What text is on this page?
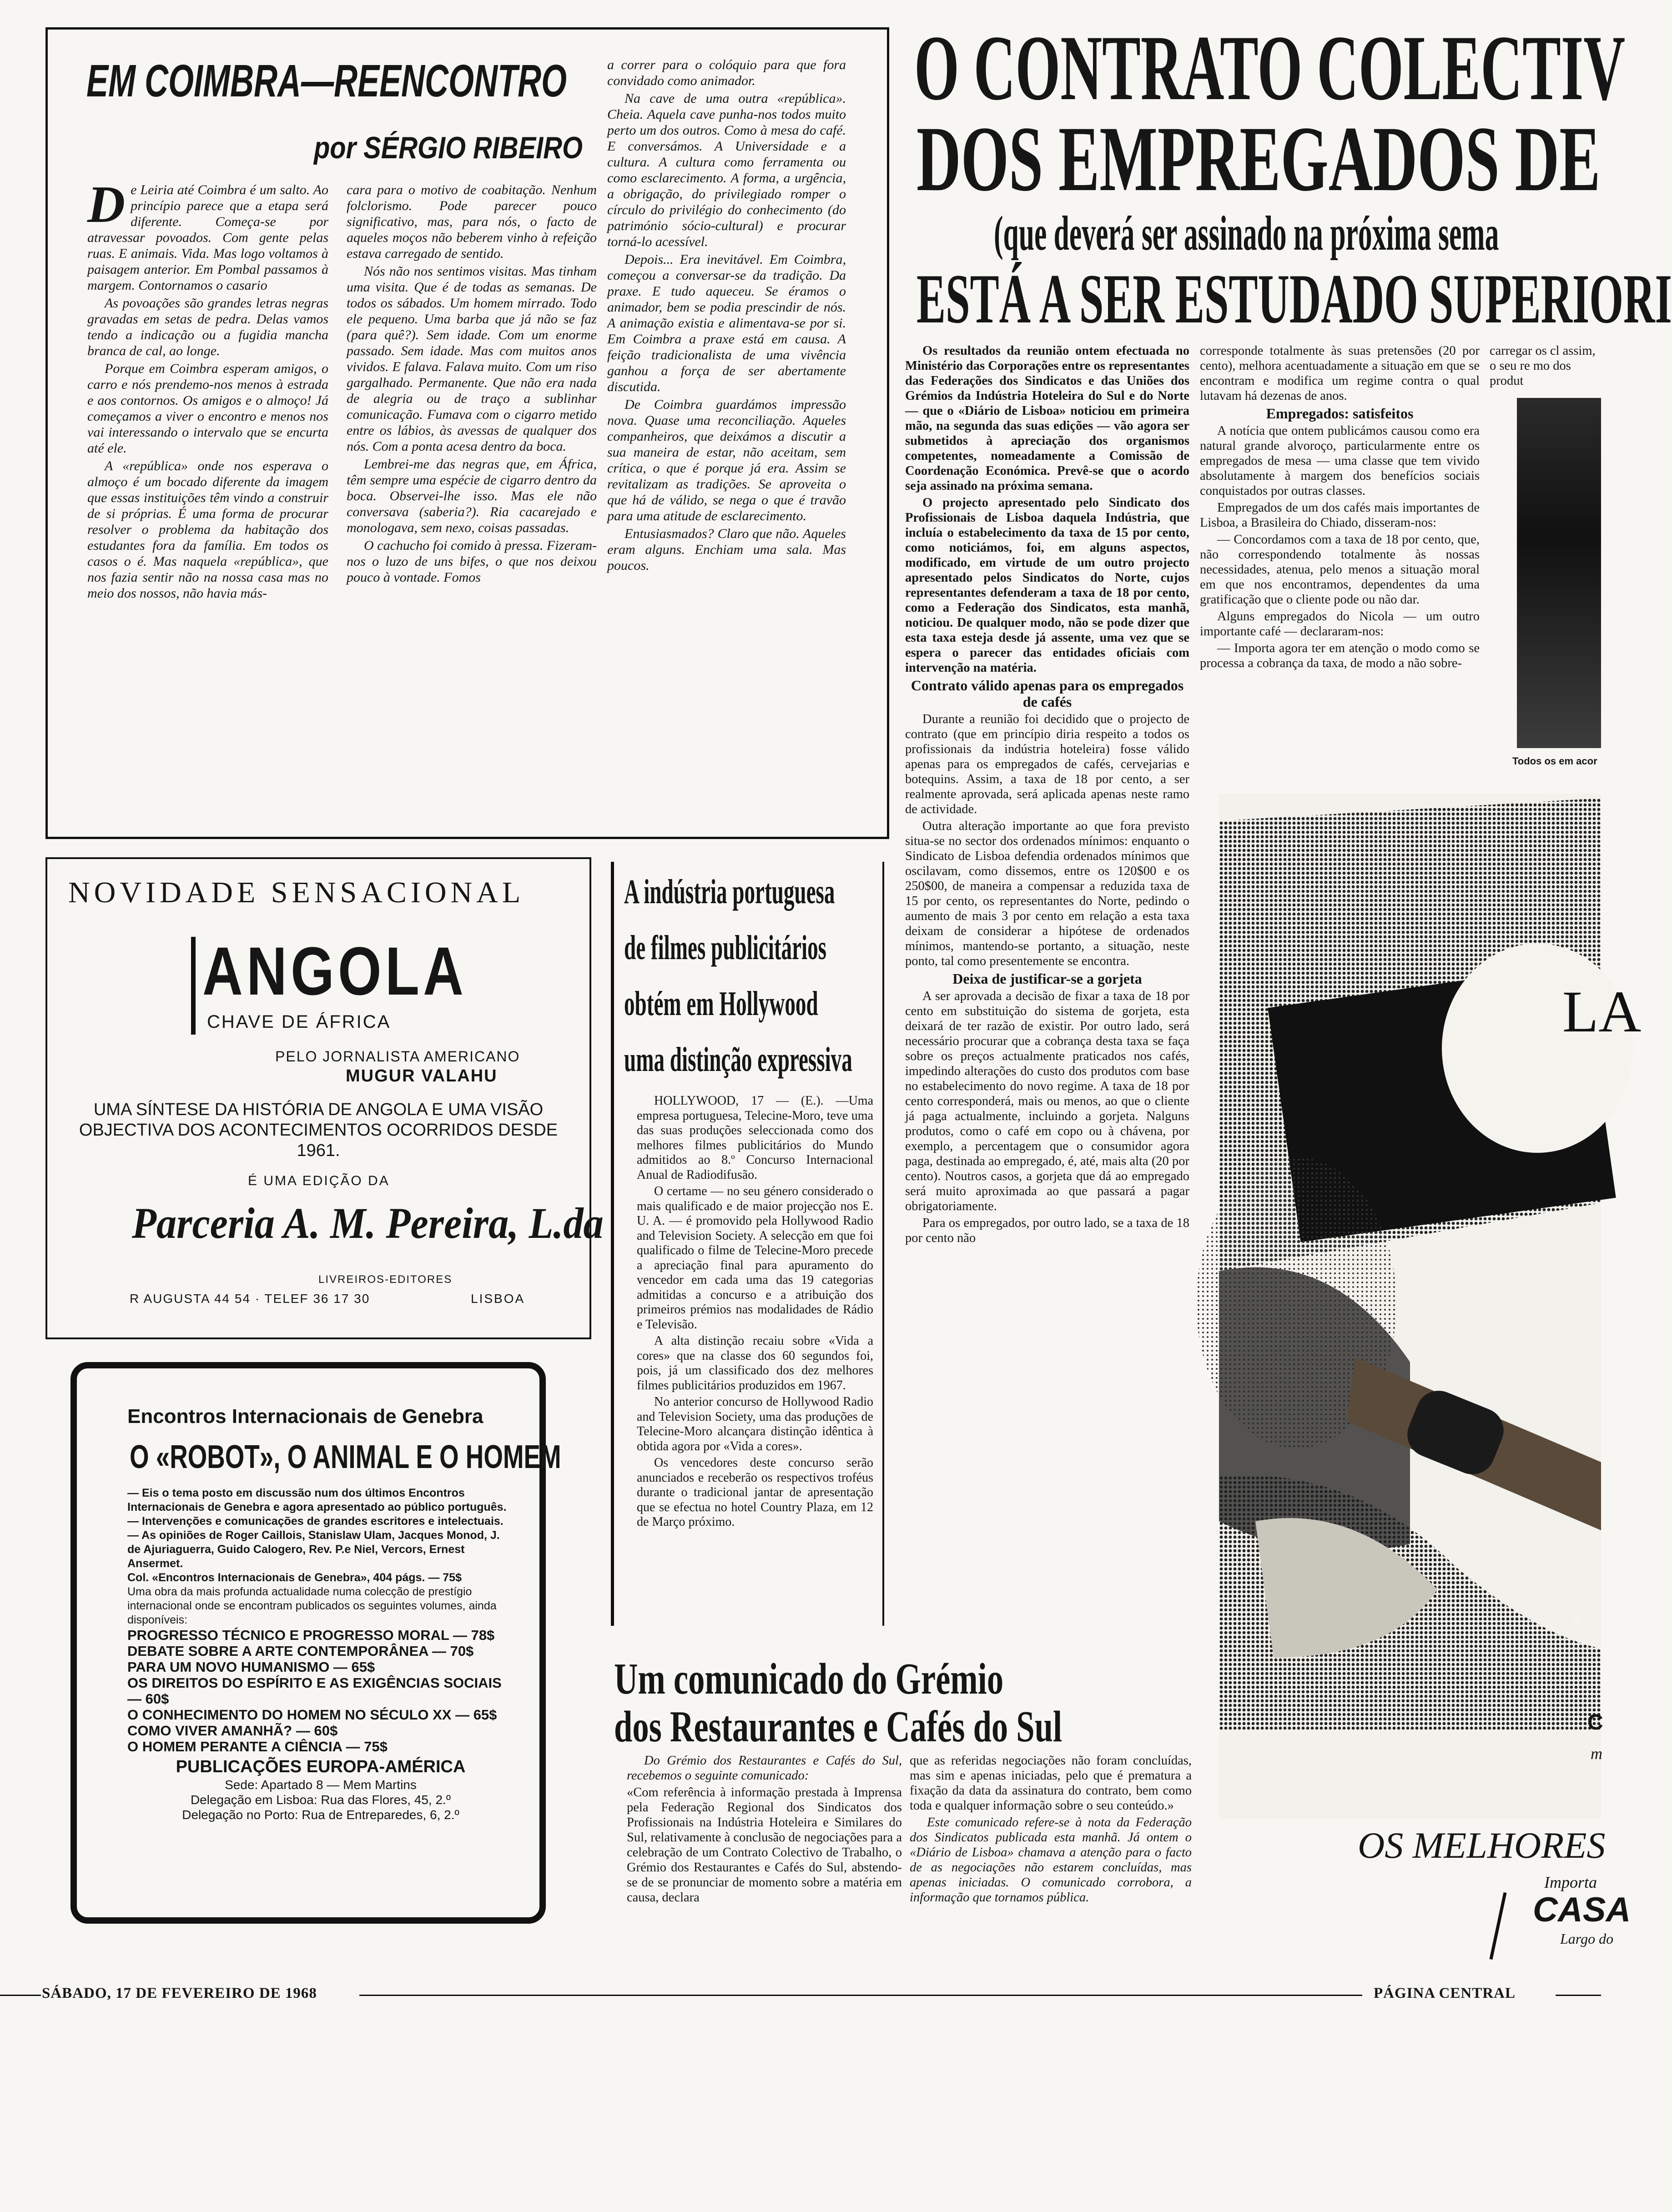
EM COIMBRA—REENCONTRO
por SÉRGIO RIBEIRO

De Leiria até Coimbra é um salto. Ao princípio parece que a etapa será diferente. Começa-se por atravessar povoados. Com gente pelas ruas. E animais. Vida. Mas logo voltamos à paisagem anterior. Em Pombal passamos à margem. Contornamos o casario

As povoações são grandes letras negras gravadas em setas de pedra. Delas vamos tendo a indicação ou a fugidia mancha branca de cal, ao longe.

Porque em Coimbra esperam amigos, o carro e nós prendemo-nos menos à estrada e aos contornos. Os amigos e o almoço! Já começamos a viver o encontro e menos nos vai interessando o intervalo que se encurta até ele.

A «república» onde nos esperava o almoço é um bocado diferente da imagem que essas instituições têm vindo a construir de si próprias. É uma forma de procurar resolver o problema da habitação dos estudantes fora da família. Em todos os casos o é. Mas naquela «república», que nos fazia sentir não na nossa casa mas no meio dos nossos, não havia más-

cara para o motivo de coabitação. Nenhum folclorismo. Pode parecer pouco significativo, mas, para nós, o facto de aqueles moços não beberem vinho à refeição estava carregado de sentido.

Nós não nos sentimos visitas. Mas tinham uma visita. Que é de todas as semanas. De todos os sábados. Um homem mirrado. Todo ele pequeno. Uma barba que já não se faz (para quê?). Sem idade. Com um enorme passado. Sem idade. Mas com muitos anos vividos. E falava. Falava muito. Com um riso gargalhado. Permanente. Que não era nada de alegria ou de traço a sublinhar comunicação. Fumava com o cigarro metido entre os lábios, às avessas de qualquer dos nós. Com a ponta acesa dentro da boca.

Lembrei-me das negras que, em África, têm sempre uma espécie de cigarro dentro da boca. Observei-lhe isso. Mas ele não conversava (saberia?). Ria cacarejado e monologava, sem nexo, coisas passadas.

O cachucho foi comido à pressa. Fizeram-nos o luzo de uns bifes, o que nos deixou pouco à vontade. Fomos

a correr para o colóquio para que fora convidado como animador.

Na cave de uma outra «república». Cheia. Aquela cave punha-nos todos muito perto um dos outros. Como à mesa do café. E conversámos. A Universidade e a cultura. A cultura como ferramenta ou como esclarecimento. A forma, a urgência, a obrigação, do privilegiado romper o círculo do privilégio do conhecimento (do património sócio-cultural) e procurar torná-lo acessível.

Depois... Era inevitável. Em Coimbra, começou a conversar-se da tradição. Da praxe. E tudo aqueceu. Se éramos o animador, bem se podia prescindir de nós. A animação existia e alimentava-se por si. Em Coimbra a praxe está em causa. A feição tradicionalista de uma vivência ganhou a força de ser abertamente discutida.

De Coimbra guardámos impressão nova. Quase uma reconciliação. Aqueles companheiros, que deixámos a discutir a sua maneira de estar, não aceitam, sem crítica, o que é porque já era. Assim se revitalizam as tradições. Se aproveita o que há de válido, se nega o que é travão para uma atitude de esclarecimento.

Entusiasmados? Claro que não. Aqueles eram alguns. Enchiam uma sala. Mas poucos.

NOVIDADE SENSACIONAL
ANGOLA
CHAVE DE ÁFRICA
PELO JORNALISTA AMERICANO
MUGUR VALAHU
UMA SÍNTESE DA HISTÓRIA DE ANGOLA E UMA VISÃO OBJECTIVA DOS ACONTECIMENTOS OCORRIDOS DESDE 1961.
É UMA EDIÇÃO DA
Parceria A. M. Pereira, L.da
LIVREIROS-EDITORES
R AUGUSTA 44 54 · TELEF 36 17 30	LISBOA
Encontros Internacionais de Genebra
O «ROBOT», O ANIMAL E O HOMEM
— Eis o tema posto em discussão num dos últimos Encontros Internacionais de Genebra e agora apresentado ao público português.
— Intervenções e comunicações de grandes escritores e intelectuais.
— As opiniões de Roger Caillois, Stanislaw Ulam, Jacques Monod, J. de Ajuriaguerra, Guido Calogero, Rev. P.e Niel, Vercors, Ernest Ansermet.
Col. «Encontros Internacionais de Genebra», 404 págs. — 75$
Uma obra da mais profunda actualidade numa colecção de prestígio internacional onde se encontram publicados os seguintes volumes, ainda disponíveis:
PROGRESSO TÉCNICO E PROGRESSO MORAL — 78$
DEBATE SOBRE A ARTE CONTEMPORÂNEA — 70$
PARA UM NOVO HUMANISMO — 65$
OS DIREITOS DO ESPÍRITO E AS EXIGÊNCIAS SOCIAIS — 60$
O CONHECIMENTO DO HOMEM NO SÉCULO XX — 65$
COMO VIVER AMANHÃ? — 60$
O HOMEM PERANTE A CIÊNCIA — 75$
PUBLICAÇÕES EUROPA-AMÉRICA
Sede: Apartado 8 — Mem Martins
Delegação em Lisboa: Rua das Flores, 45, 2.º
Delegação no Porto: Rua de Entreparedes, 6, 2.º
A indústria portuguesa
de filmes publicitários
obtém em Hollywood
uma distinção expressiva

HOLLYWOOD, 17 — (E.). —Uma empresa portuguesa, Telecine-Moro, teve uma das suas produções seleccionada como dos melhores filmes publicitários do Mundo admitidos ao 8.º Concurso Internacional Anual de Radiodifusão.

O certame — no seu género considerado o mais qualificado e de maior projecção nos E. U. A. — é promovido pela Hollywood Radio and Television Society. A selecção em que foi qualificado o filme de Telecine-Moro precede a apreciação final para apuramento do vencedor em cada uma das 19 categorias admitidas a concurso e a atribuição dos primeiros prémios nas modalidades de Rádio e Televisão.

A alta distinção recaiu sobre «Vida a cores» que na classe dos 60 segundos foi, pois, já um classificado dos dez melhores filmes publicitários produzidos em 1967.

No anterior concurso de Hollywood Radio and Television Society, uma das produções de Telecine-Moro alcançara distinção idêntica à obtida agora por «Vida a cores».

Os vencedores deste concurso serão anunciados e receberão os respectivos troféus durante o tradicional jantar de apresentação que se efectua no hotel Country Plaza, em 12 de Março próximo.

O CONTRATO COLECTIV
DOS EMPREGADOS DE
(que deverá ser assinado na próxima sema
ESTÁ A SER ESTUDADO SUPERIORI

Os resultados da reunião ontem efectuada no Ministério das Corporações entre os representantes das Federações dos Sindicatos e das Uniões dos Grémios da Indústria Hoteleira do Sul e do Norte — que o «Diário de Lisboa» noticiou em primeira mão, na segunda das suas edições — vão agora ser submetidos à apreciação dos organismos competentes, nomeadamente a Comissão de Coordenação Económica. Prevê-se que o acordo seja assinado na próxima semana.

O projecto apresentado pelo Sindicato dos Profissionais de Lisboa daquela Indústria, que incluía o estabelecimento da taxa de 15 por cento, como noticiámos, foi, em alguns aspectos, modificado, em virtude de um outro projecto apresentado pelos Sindicatos do Norte, cujos representantes defenderam a taxa de 18 por cento, como a Federação dos Sindicatos, esta manhã, noticiou. De qualquer modo, não se pode dizer que esta taxa esteja desde já assente, uma vez que se espera o parecer das entidades oficiais com intervenção na matéria.

Contrato válido apenas para os empregados de cafés

Durante a reunião foi decidido que o projecto de contrato (que em princípio diria respeito a todos os profissionais da indústria hoteleira) fosse válido apenas para os empregados de cafés, cervejarias e botequins. Assim, a taxa de 18 por cento, a ser realmente aprovada, será aplicada apenas neste ramo de actividade.

Outra alteração importante ao que fora previsto situa-se no sector dos ordenados mínimos: enquanto o Sindicato de Lisboa defendia ordenados mínimos que oscilavam, como dissemos, entre os 120$00 e os 250$00, de maneira a compensar a reduzida taxa de 15 por cento, os representantes do Norte, pedindo o aumento de mais 3 por cento em relação a esta taxa deixam de considerar a hipótese de ordenados mínimos, mantendo-se portanto, a situação, neste ponto, tal como presentemente se encontra.

Deixa de justificar-se a gorjeta

A ser aprovada a decisão de fixar a taxa de 18 por cento em substituição do sistema de gorjeta, esta deixará de ter razão de existir. Por outro lado, será necessário procurar que a cobrança desta taxa se faça sobre os preços actualmente praticados nos cafés, impedindo alterações do custo dos produtos com base no estabelecimento do novo regime. A taxa de 18 por cento corresponderá, mais ou menos, ao que o cliente já paga actualmente, incluindo a gorjeta. Nalguns produtos, como o café em copo ou à chávena, por exemplo, a percentagem que o consumidor agora paga, destinada ao empregado, é, até, mais alta (20 por cento). Noutros casos, a gorjeta que dá ao empregado será muito aproximada ao que passará a pagar obrigatoriamente.

Para os empregados, por outro lado, se a taxa de 18 por cento não

corresponde totalmente às suas pretensões (20 por cento), melhora acentuadamente a situação em que se encontram e modifica um regime contra o qual lutavam há dezenas de anos.

Empregados: satisfeitos

A notícia que ontem publicámos causou como era natural grande alvoroço, particularmente entre os empregados de mesa — uma classe que tem vivido absolutamente à margem dos benefícios sociais conquistados por outras classes.

Empregados de um dos cafés mais importantes de Lisboa, a Brasileira do Chiado, disseram-nos:

— Concordamos com a taxa de 18 por cento, que, não correspondendo totalmente às nossas necessidades, atenua, pelo menos a situação moral em que nos encontramos, dependentes da uma gratificação que o cliente pode ou não dar.

Alguns empregados do Nicola — um outro importante café — declararam-nos:

— Importa agora ter em atenção o modo como se processa a cobrança da taxa, de modo a não sobre-

carregar os cl assim, o seu re mo dos produt
Todos os em acor
LA
C
m
OS MELHORES
Importa
CASA
Largo do
Um comunicado do Grémio
dos Restaurantes e Cafés do Sul

Do Grémio dos Restaurantes e Cafés do Sul, recebemos o seguinte comunicado:

«Com referência à informação prestada à Imprensa pela Federação Regional dos Sindicatos dos Profissionais na Indústria Hoteleira e Similares do Sul, relativamente à conclusão de negociações para a celebração de um Contrato Colectivo de Trabalho, o Grémio dos Restaurantes e Cafés do Sul, abstendo-se de se pronunciar de momento sobre a matéria em causa, declara

que as referidas negociações não foram concluídas, mas sim e apenas iniciadas, pelo que é prematura a fixação da data da assinatura do contrato, bem como toda e qualquer informação sobre o seu conteúdo.»

Este comunicado refere-se à nota da Federação dos Sindicatos publicada esta manhã. Já ontem o «Diário de Lisboa» chamava a atenção para o facto de as negociações não estarem concluídas, mas apenas iniciadas. O comunicado corrobora, a informação que tornamos pública.

SÁBADO, 17 DE FEVEREIRO DE 1968	PÁGINA CENTRAL
